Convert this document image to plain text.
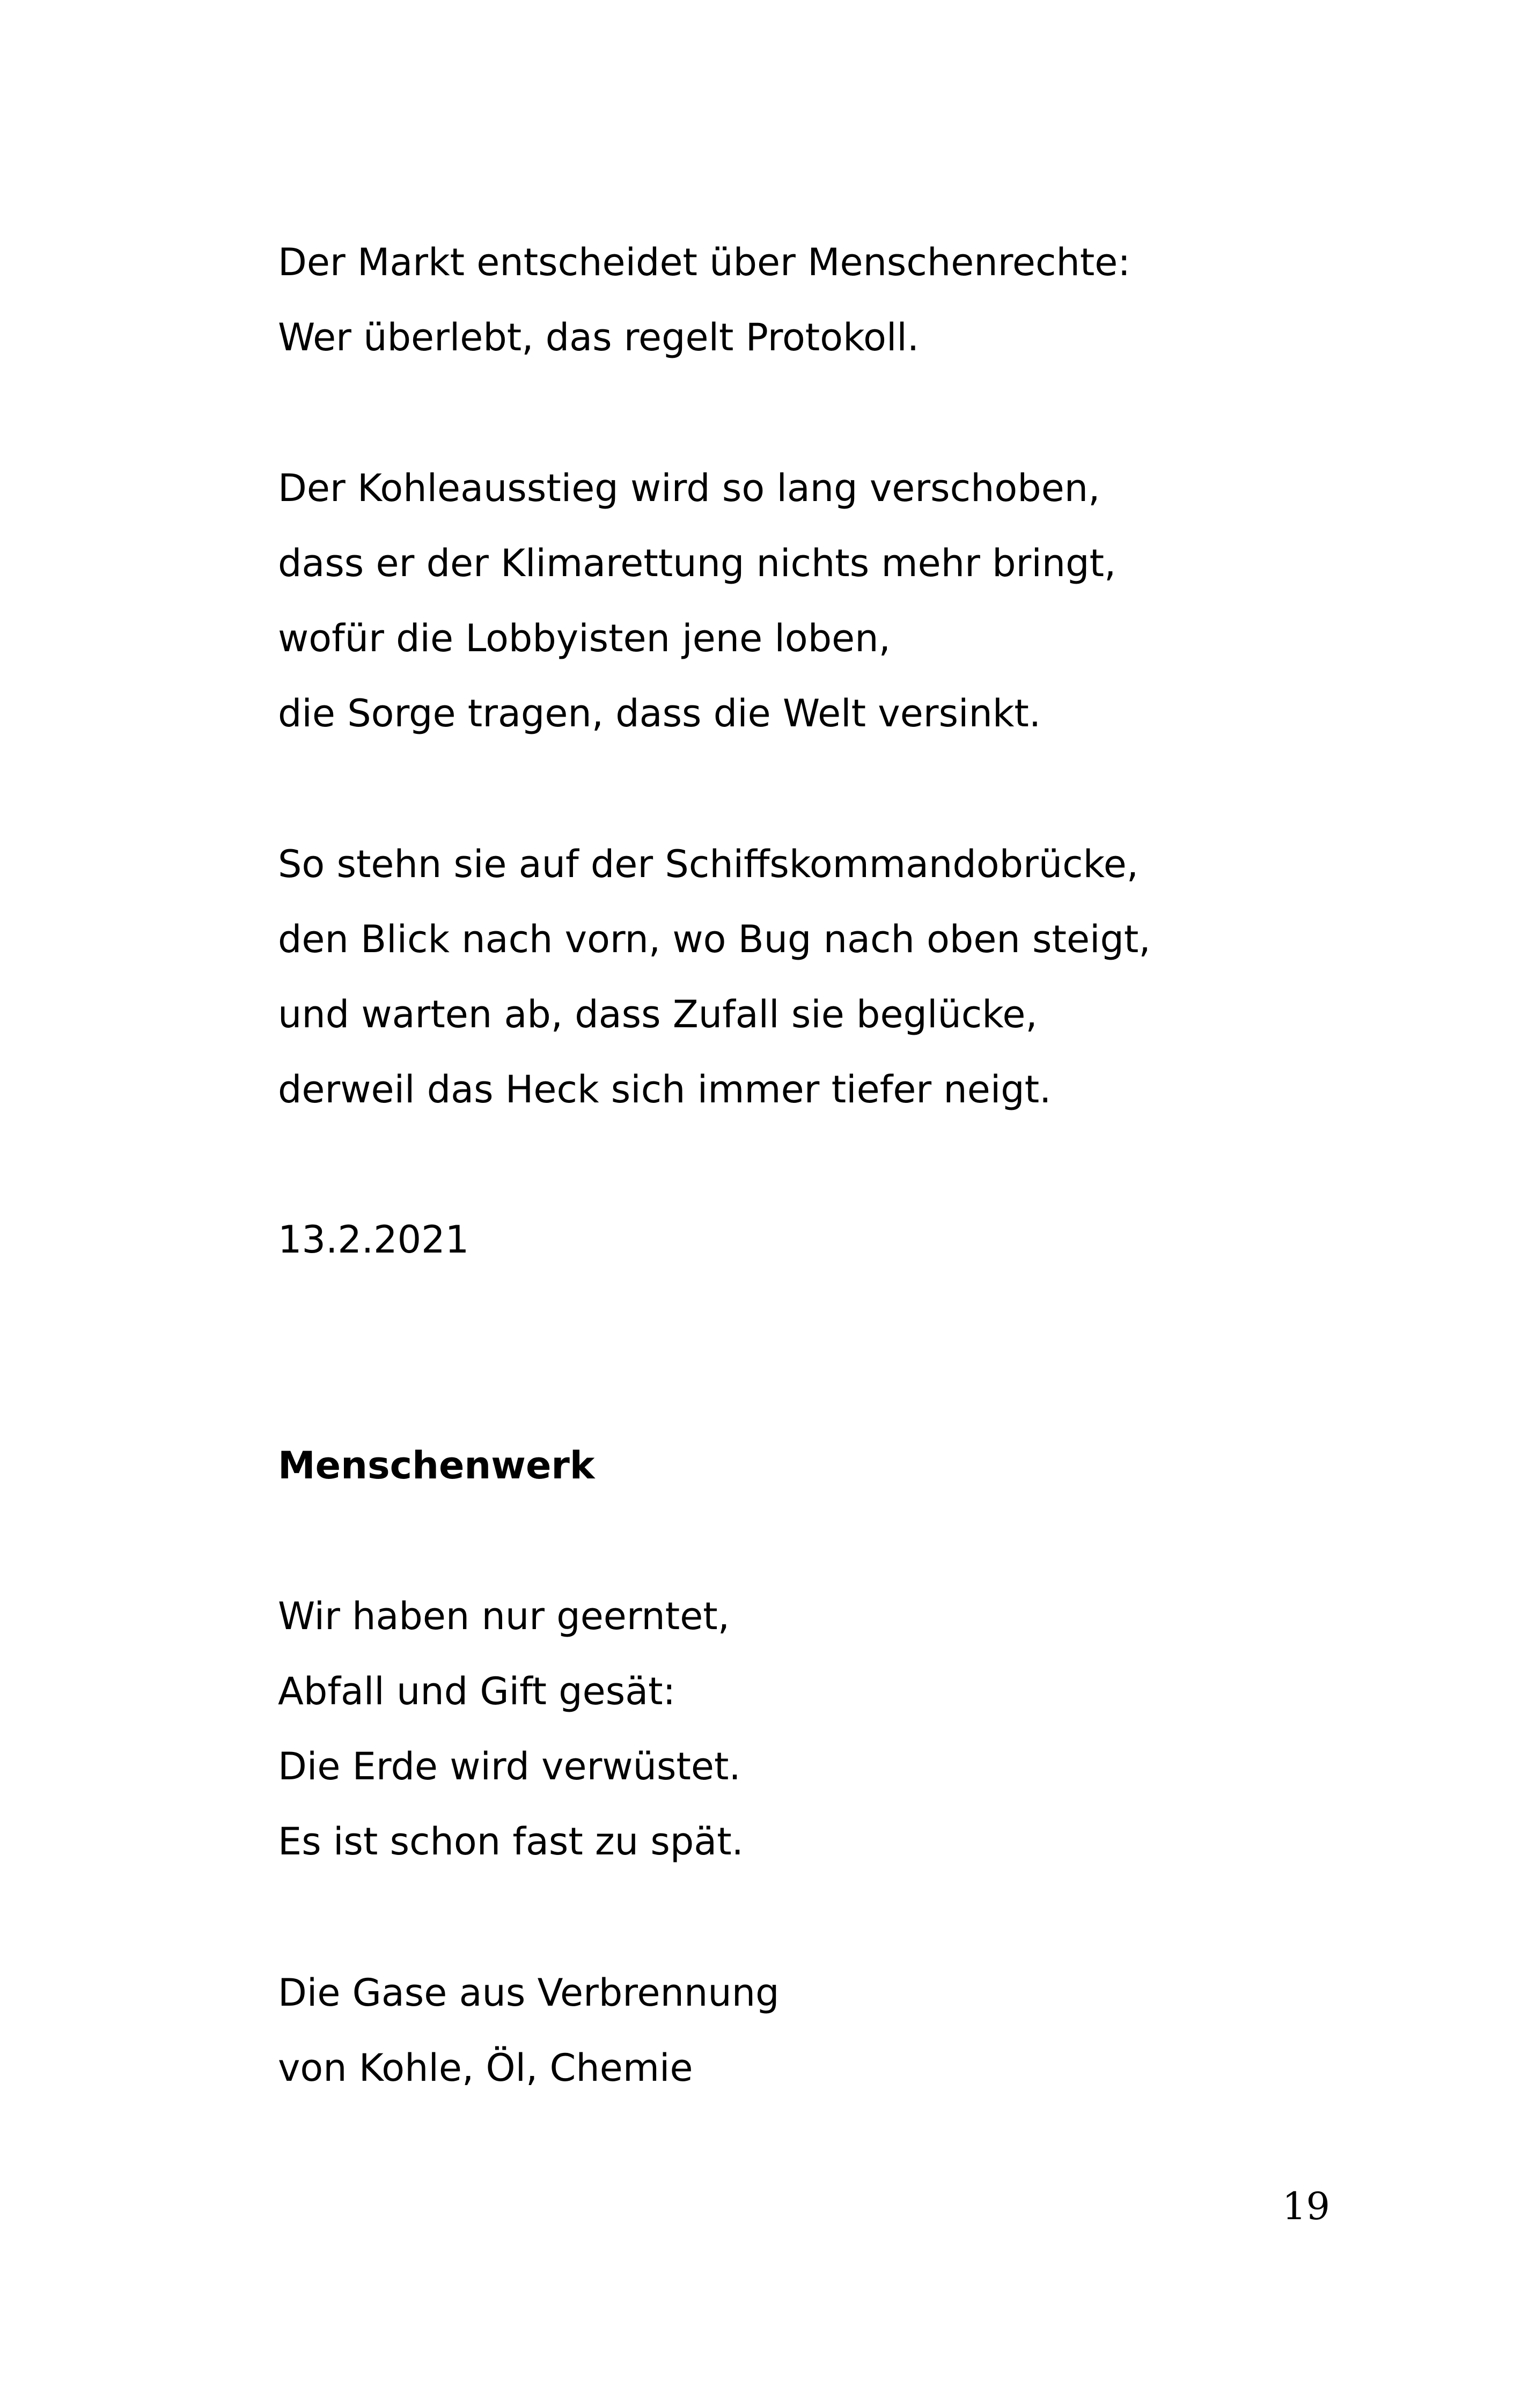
Der Markt entscheidet über Menschenrechte:
Wer überlebt, das regelt Protokoll.
Der Kohleausstieg wird so lang verschoben,
dass er der Klimarettung nichts mehr bringt,
wofür die Lobbyisten jene loben,
die Sorge tragen, dass die Welt versinkt.
So stehn sie auf der Schiffskommandobrücke,
den Blick nach vorn, wo Bug nach oben steigt,
und warten ab, dass Zufall sie beglücke,
derweil das Heck sich immer tiefer neigt.
13.2.2021
Menschenwerk
Wir haben nur geerntet,
Abfall und Gift gesät:
Die Erde wird verwüstet.
Es ist schon fast zu spät.
Die Gase aus Verbrennung
von Kohle, Öl, Chemie
19
